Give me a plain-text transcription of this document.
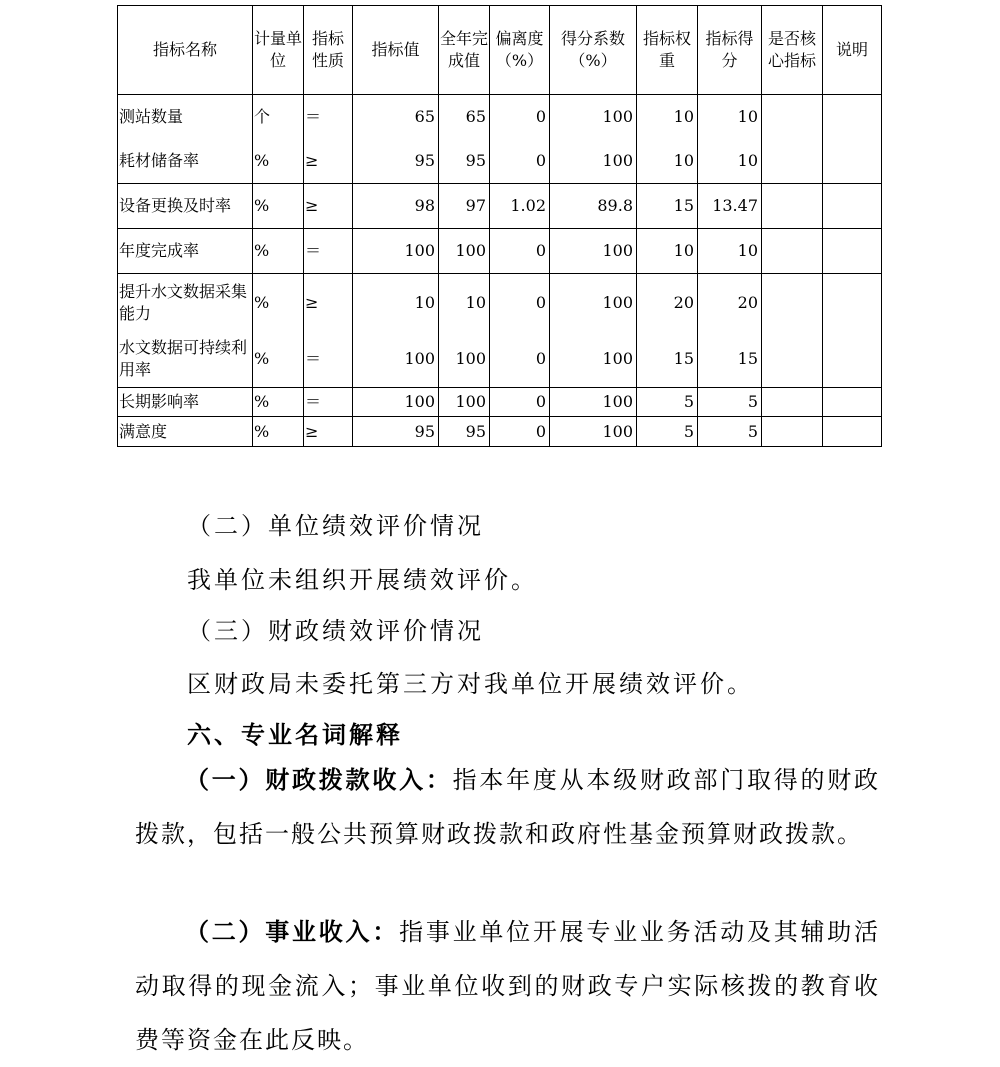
指标名称	计量单位	指标性质	指标值	全年完成值	偏离度（%）	得分系数（%）	指标权重	指标得分	是否核心指标	说明
测站数量	个	＝	65	65	0	100	10	10		
耗材储备率	%	≥	95	95	0	100	10	10		
设备更换及时率	%	≥	98	97	1.02	89.8	15	13.47		
年度完成率	%	＝	100	100	0	100	10	10		
提升水文数据采集能力	%	≥	10	10	0	100	20	20		
水文数据可持续利用率	%	＝	100	100	0	100	15	15		
长期影响率	%	＝	100	100	0	100	5	5		
满意度	%	≥	95	95	0	100	5	5		

（二）单位绩效评价情况

我单位未组织开展绩效评价。

（三）财政绩效评价情况

区财政局未委托第三方对我单位开展绩效评价。

六、专业名词解释

（一）财政拨款收入：指本年度从本级财政部门取得的财政拨款，包括一般公共预算财政拨款和政府性基金预算财政拨款。

（二）事业收入：指事业单位开展专业业务活动及其辅助活动取得的现金流入；事业单位收到的财政专户实际核拨的教育收费等资金在此反映。
